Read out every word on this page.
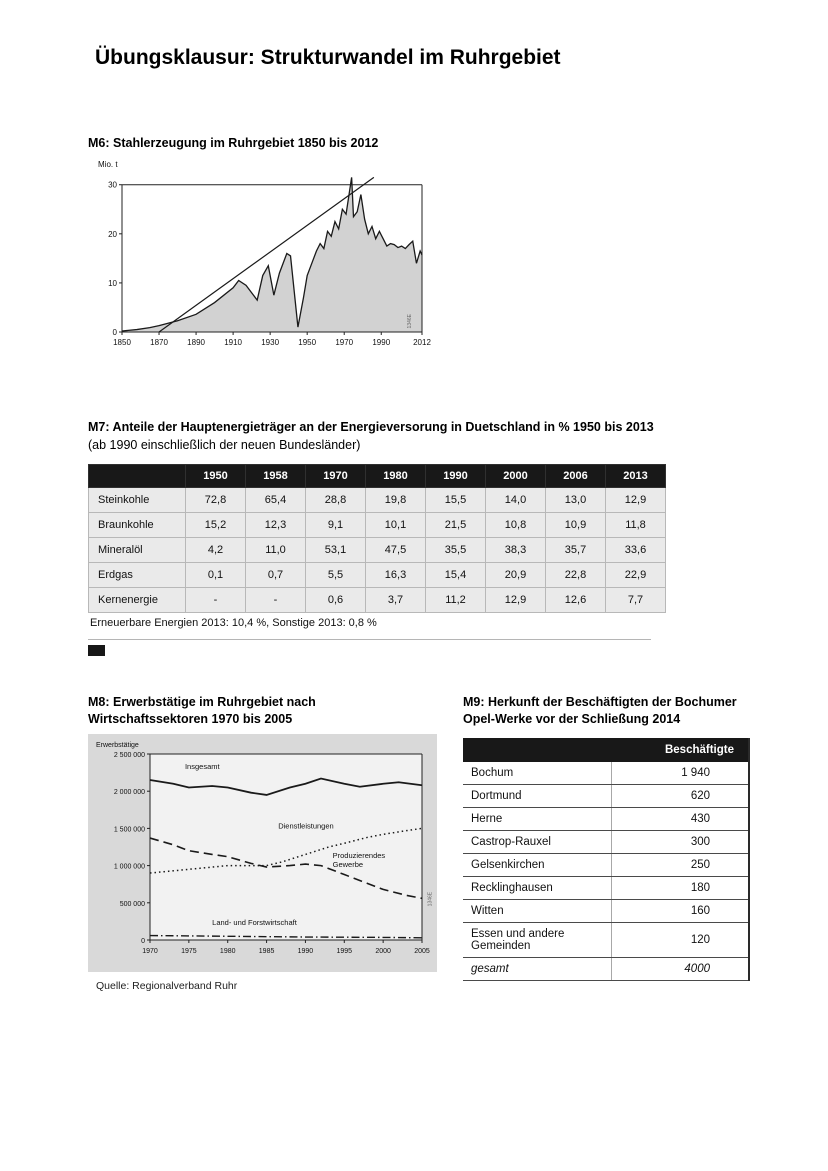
Übungsklausur: Strukturwandel im Ruhrgebiet
M6: Stahlerzeugung im Ruhrgebiet 1850 bis 2012
0
10
20
30
1850 1870 1890 1910 1930 1950 1970 1990	2012
Mio. t
1346E
M7: Anteile der Hauptenergieträger an der Energieversorung in Duetschland in % 1950 bis 2013
(ab 1990 einschließlich der neuen Bundesländer)
	1950	1958	1970	1980	1990	2000	2006	2013
Steinkohle	72,8	65,4	28,8	19,8	15,5	14,0	13,0	12,9
Braunkohle	15,2	12,3	9,1	10,1	21,5	10,8	10,9	11,8
Mineralöl	4,2	11,0	53,1	47,5	35,5	38,3	35,7	33,6
Erdgas	0,1	0,7	5,5	16,3	15,4	20,9	22,8	22,9
Kernenergie	-	-	0,6	3,7	11,2	12,9	12,6	7,7
Erneuerbare Energien 2013: 10,4 %, Sonstige 2013: 0,8 %
M8: Erwerbstätige im Ruhrgebiet nach
Wirtschaftssektoren 1970 bis 2005
M9: Herkunft der Beschäftigten der Bochumer
Opel-Werke vor der Schließung 2014
0
500 000
1 000 000
1 500 000
2 000 000
2 500 000
1970	1975	1980	1985	1990	1995	2000	2005
Erwerbstätige
Insgesamt
Dienstleistungen
Produzierendes Gewerbe
Land- und Forstwirtschaft
1346E
Quelle: Regionalverband Ruhr
	Beschäftigte
Bochum	1 940
Dortmund	620
Herne	430
Castrop-Rauxel	300
Gelsenkirchen	250
Recklinghausen	180
Witten	160
Essen und andere Gemeinden	120
gesamt	4000
